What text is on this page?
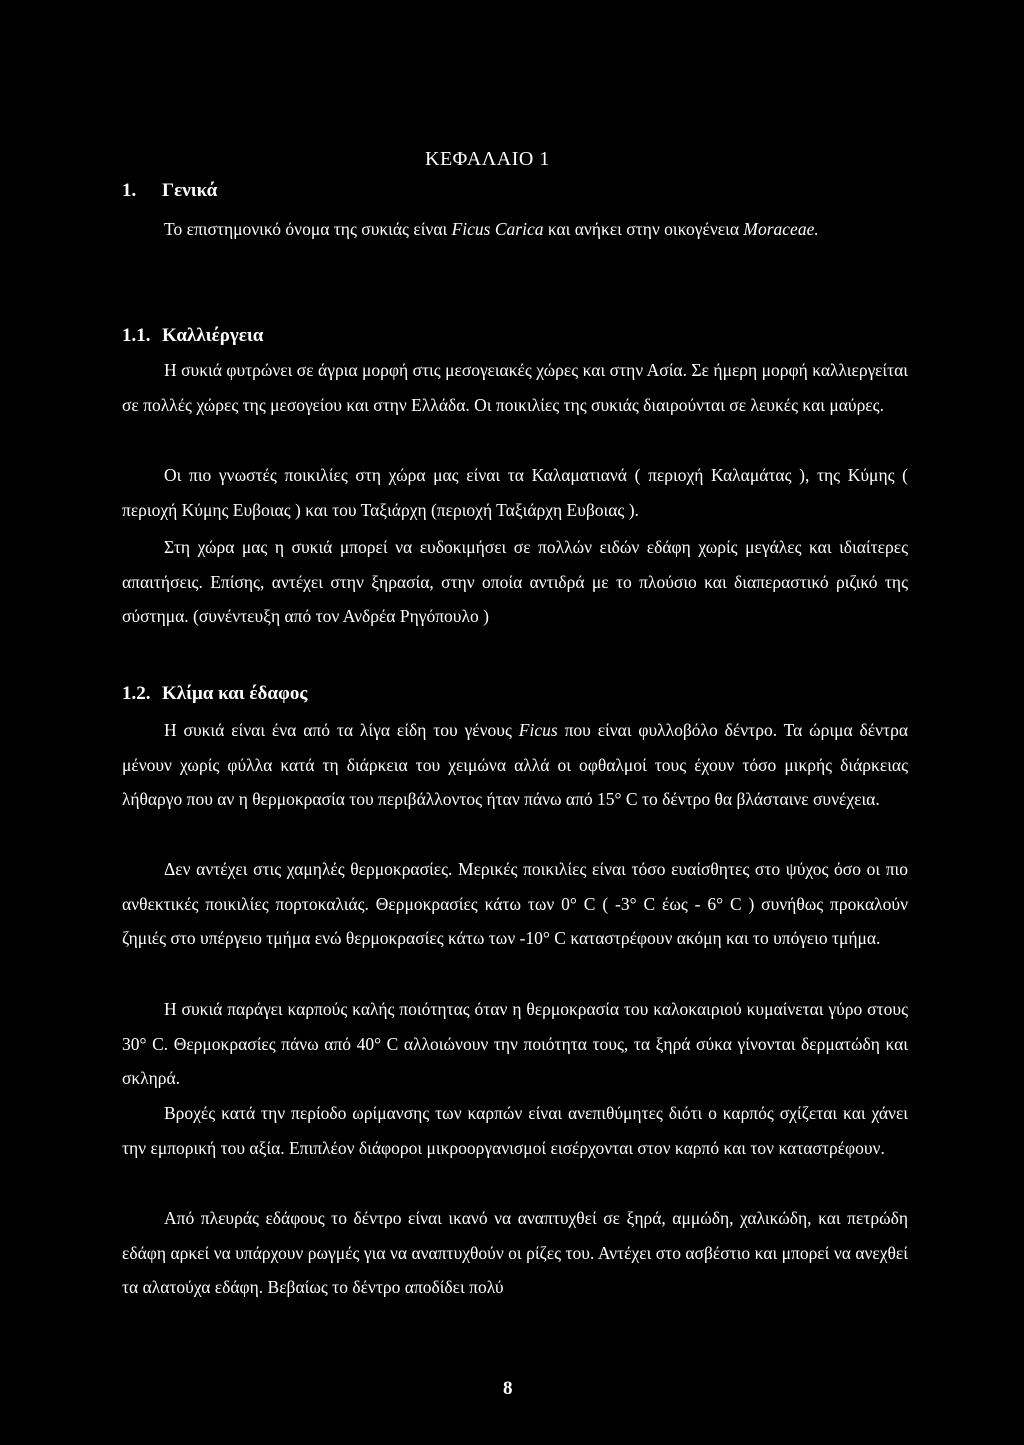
ΚΕΦΑΛΑΙΟ 1
1. Γενικά
Το επιστημονικό όνομα της συκιάς είναι Ficus Carica και ανήκει στην οικογένεια Moraceae.
1.1. Καλλιέργεια
Η συκιά φυτρώνει σε άγρια μορφή στις μεσογειακές χώρες και στην Ασία. Σε ήμερη μορφή καλλιεργείται σε πολλές χώρες της μεσογείου και στην Ελλάδα. Οι ποικιλίες της συκιάς διαιρούνται σε λευκές και μαύρες.
Οι πιο γνωστές ποικιλίες στη χώρα μας είναι τα Καλαματιανά ( περιοχή Καλαμάτας ), της Κύμης ( περιοχή Κύμης Ευβοιας ) και του Ταξιάρχη (περιοχή Ταξιάρχη Ευβοιας ).
Στη χώρα μας η συκιά μπορεί να ευδοκιμήσει σε πολλών ειδών εδάφη χωρίς μεγάλες και ιδιαίτερες απαιτήσεις. Επίσης, αντέχει στην ξηρασία, στην οποία αντιδρά με το πλούσιο και διαπεραστικό ριζικό της σύστημα. (συνέντευξη από τον Ανδρέα Ρηγόπουλο )
1.2. Κλίμα και έδαφος
Η συκιά είναι ένα από τα λίγα είδη του γένους Ficus που είναι φυλλοβόλο δέντρο. Τα ώριμα δέντρα μένουν χωρίς φύλλα κατά τη διάρκεια του χειμώνα αλλά οι οφθαλμοί τους έχουν τόσο μικρής διάρκειας λήθαργο που αν η θερμοκρασία του περιβάλλοντος ήταν πάνω από 15° C το δέντρο θα βλάσταινε συνέχεια.
Δεν αντέχει στις χαμηλές θερμοκρασίες. Μερικές ποικιλίες είναι τόσο ευαίσθητες στο ψύχος όσο οι πιο ανθεκτικές ποικιλίες πορτοκαλιάς. Θερμοκρασίες κάτω των 0° C ( -3° C έως - 6° C ) συνήθως προκαλούν ζημιές στο υπέργειο τμήμα ενώ θερμοκρασίες κάτω των -10° C καταστρέφουν ακόμη και το υπόγειο τμήμα.
Η συκιά παράγει καρπούς καλής ποιότητας όταν η θερμοκρασία του καλοκαιριού κυμαίνεται γύρο στους 30° C. Θερμοκρασίες πάνω από 40° C αλλοιώνουν την ποιότητα τους, τα ξηρά σύκα γίνονται δερματώδη και σκληρά.
Βροχές κατά την περίοδο ωρίμανσης των καρπών είναι ανεπιθύμητες διότι ο καρπός σχίζεται και χάνει την εμπορική του αξία. Επιπλέον διάφοροι μικροοργανισμοί εισέρχονται στον καρπό και τον καταστρέφουν.
Από πλευράς εδάφους το δέντρο είναι ικανό να αναπτυχθεί σε ξηρά, αμμώδη, χαλικώδη, και πετρώδη εδάφη αρκεί να υπάρχουν ρωγμές για να αναπτυχθούν οι ρίζες του. Αντέχει στο ασβέστιο και μπορεί να ανεχθεί τα αλατούχα εδάφη. Βεβαίως το δέντρο αποδίδει πολύ
8
